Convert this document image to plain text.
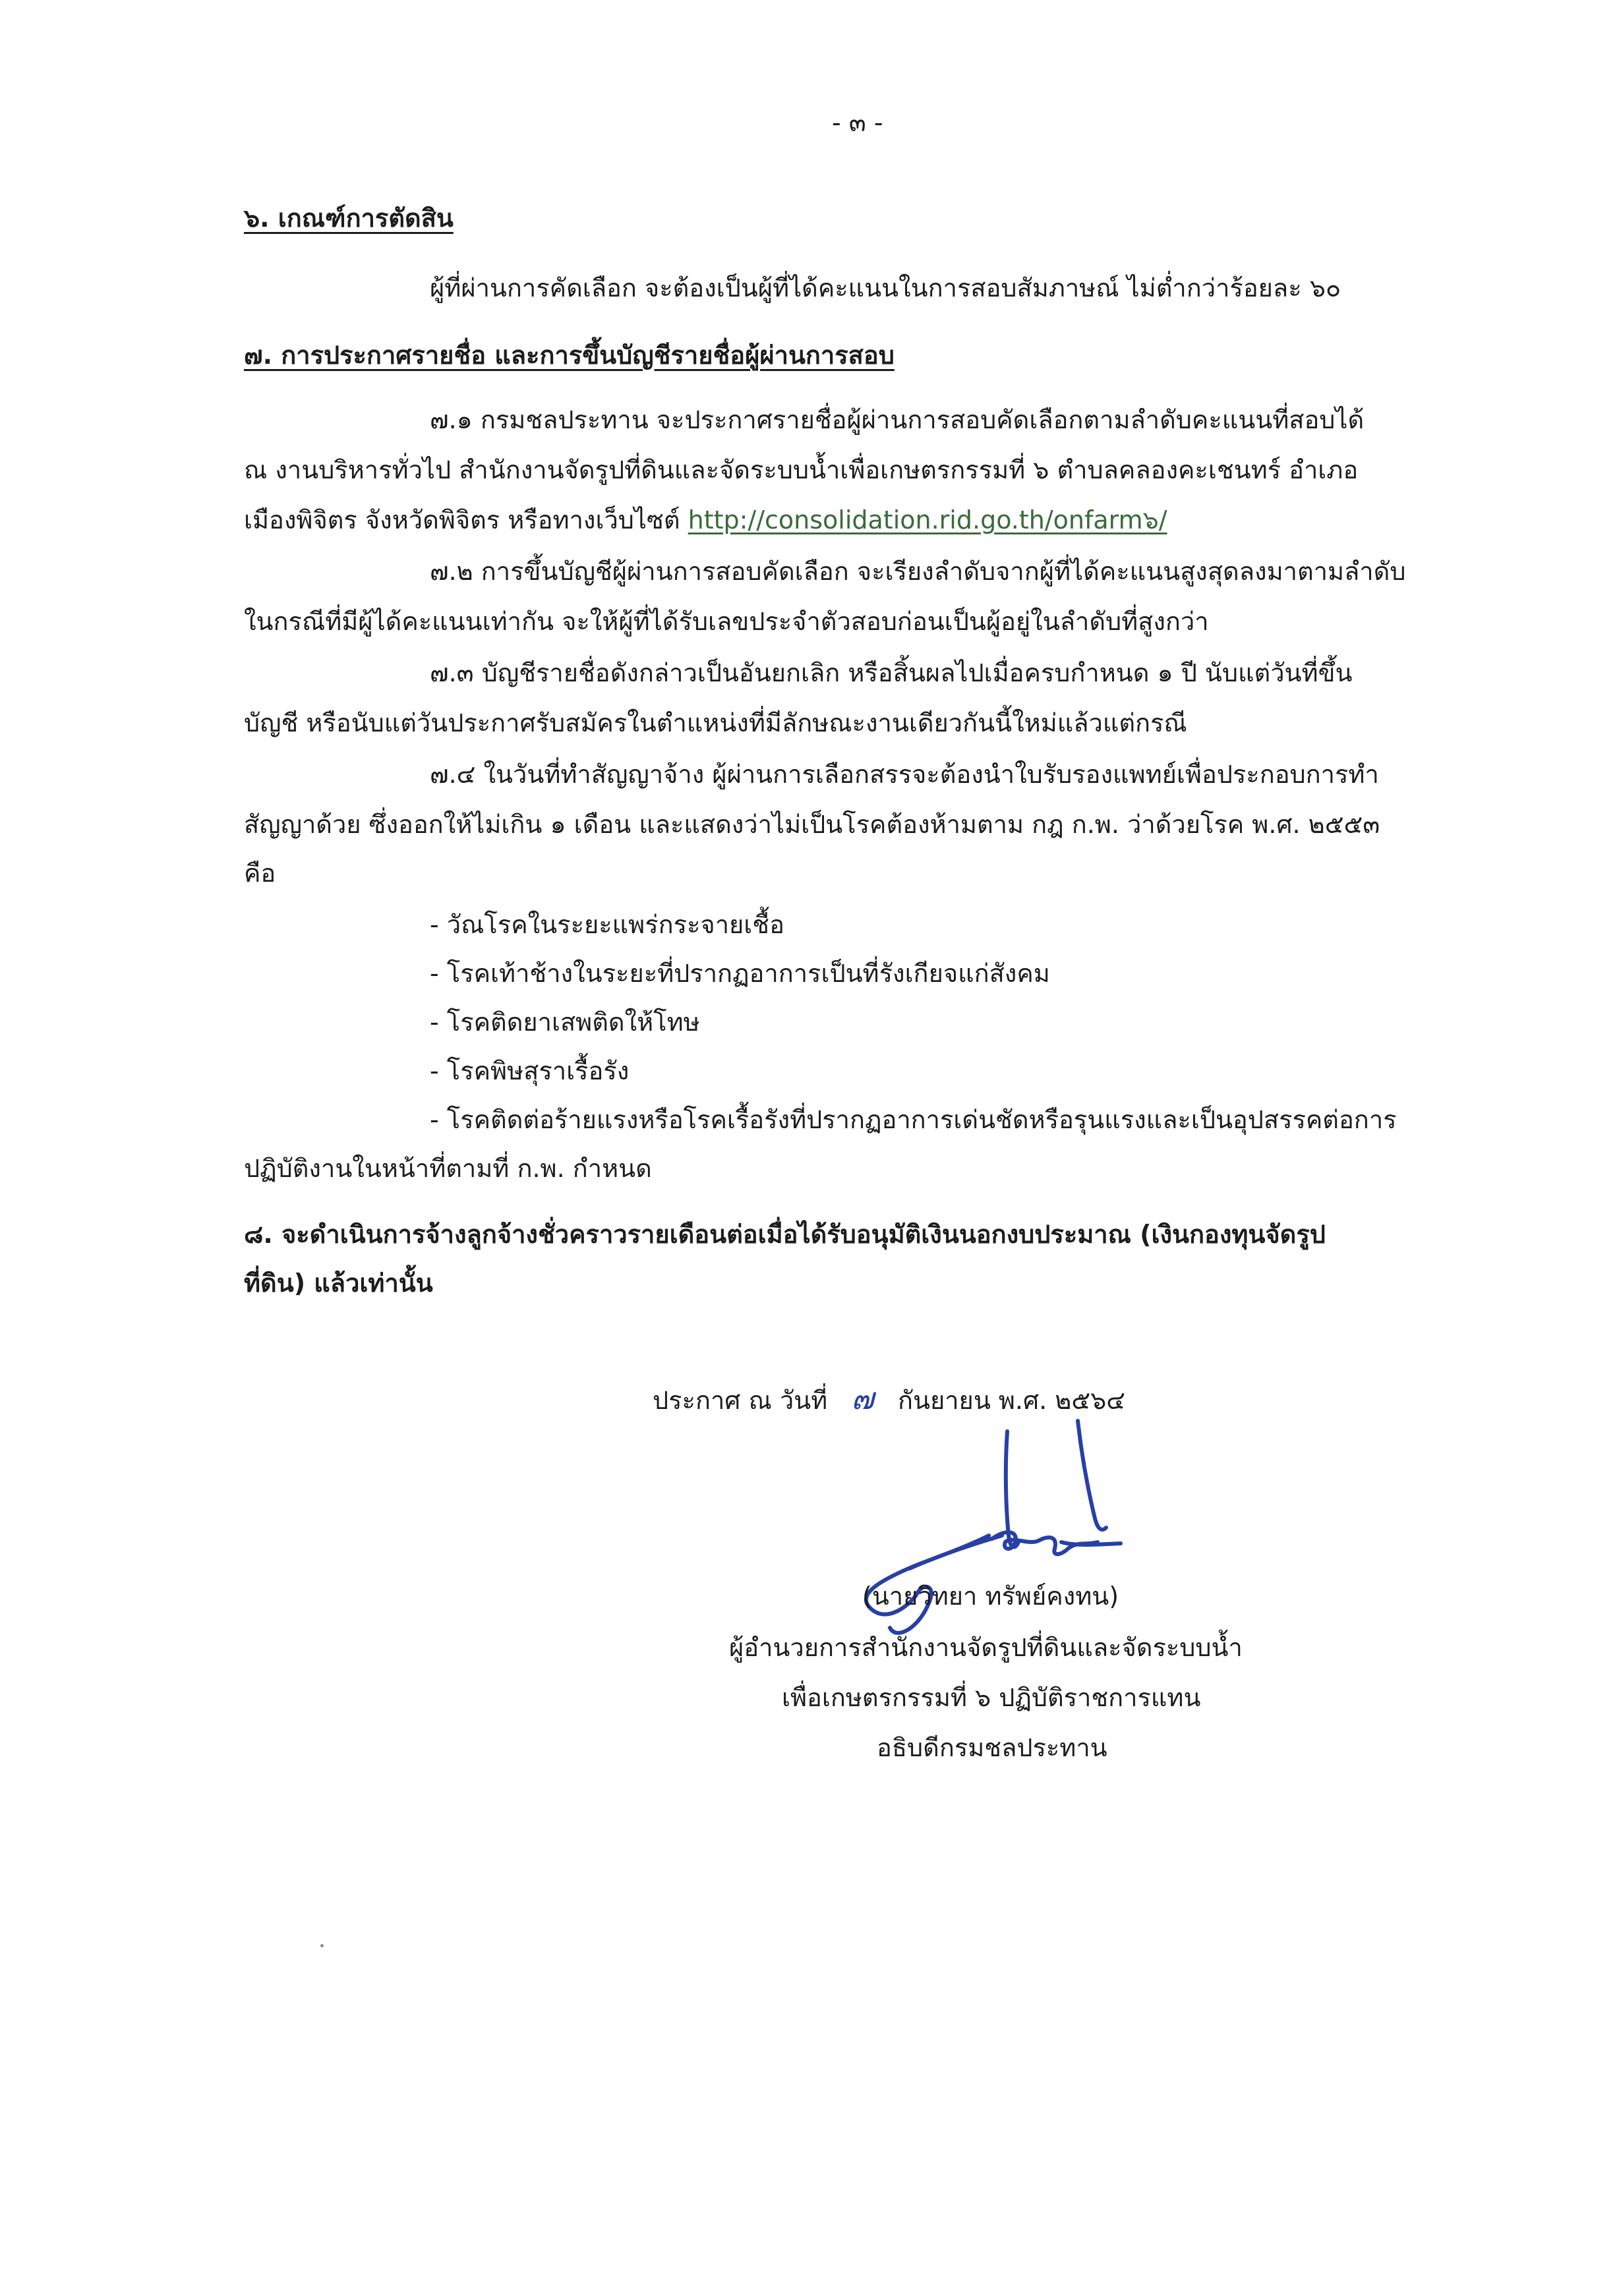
- ๓ -
๖. เกณฑ์การตัดสิน
ผู้ที่ผ่านการคัดเลือก จะต้องเป็นผู้ที่ได้คะแนนในการสอบสัมภาษณ์ ไม่ต่ำกว่าร้อยละ ๖๐
๗. การประกาศรายชื่อ และการขึ้นบัญชีรายชื่อผู้ผ่านการสอบ
๗.๑ กรมชลประทาน จะประกาศรายชื่อผู้ผ่านการสอบคัดเลือกตามลำดับคะแนนที่สอบได้
ณ งานบริหารทั่วไป สำนักงานจัดรูปที่ดินและจัดระบบน้ำเพื่อเกษตรกรรมที่ ๖ ตำบลคลองคะเชนทร์ อำเภอ
เมืองพิจิตร จังหวัดพิจิตร หรือทางเว็บไซต์ http://consolidation.rid.go.th/onfarm๖/
๗.๒ การขึ้นบัญชีผู้ผ่านการสอบคัดเลือก จะเรียงลำดับจากผู้ที่ได้คะแนนสูงสุดลงมาตามลำดับ
ในกรณีที่มีผู้ได้คะแนนเท่ากัน จะให้ผู้ที่ได้รับเลขประจำตัวสอบก่อนเป็นผู้อยู่ในลำดับที่สูงกว่า
๗.๓ บัญชีรายชื่อดังกล่าวเป็นอันยกเลิก หรือสิ้นผลไปเมื่อครบกำหนด ๑ ปี นับแต่วันที่ขึ้น
บัญชี หรือนับแต่วันประกาศรับสมัครในตำแหน่งที่มีลักษณะงานเดียวกันนี้ใหม่แล้วแต่กรณี
๗.๔ ในวันที่ทำสัญญาจ้าง ผู้ผ่านการเลือกสรรจะต้องนำใบรับรองแพทย์เพื่อประกอบการทำ
สัญญาด้วย ซึ่งออกให้ไม่เกิน ๑ เดือน และแสดงว่าไม่เป็นโรคต้องห้ามตาม กฎ ก.พ. ว่าด้วยโรค พ.ศ. ๒๕๕๓
คือ
- วัณโรคในระยะแพร่กระจายเชื้อ
- โรคเท้าช้างในระยะที่ปรากฏอาการเป็นที่รังเกียจแก่สังคม
- โรคติดยาเสพติดให้โทษ
- โรคพิษสุราเรื้อรัง
- โรคติดต่อร้ายแรงหรือโรคเรื้อรังที่ปรากฏอาการเด่นชัดหรือรุนแรงและเป็นอุปสรรคต่อการ
ปฏิบัติงานในหน้าที่ตามที่ ก.พ. กำหนด
๘. จะดำเนินการจ้างลูกจ้างชั่วคราวรายเดือนต่อเมื่อได้รับอนุมัติเงินนอกงบประมาณ (เงินกองทุนจัดรูป
ที่ดิน) แล้วเท่านั้น
ประกาศ ณ วันที่ ๗ กันยายน พ.ศ. ๒๕๖๔
(นายวิทยา ทรัพย์คงทน)
ผู้อำนวยการสำนักงานจัดรูปที่ดินและจัดระบบน้ำ
เพื่อเกษตรกรรมที่ ๖ ปฏิบัติราชการแทน
อธิบดีกรมชลประทาน
